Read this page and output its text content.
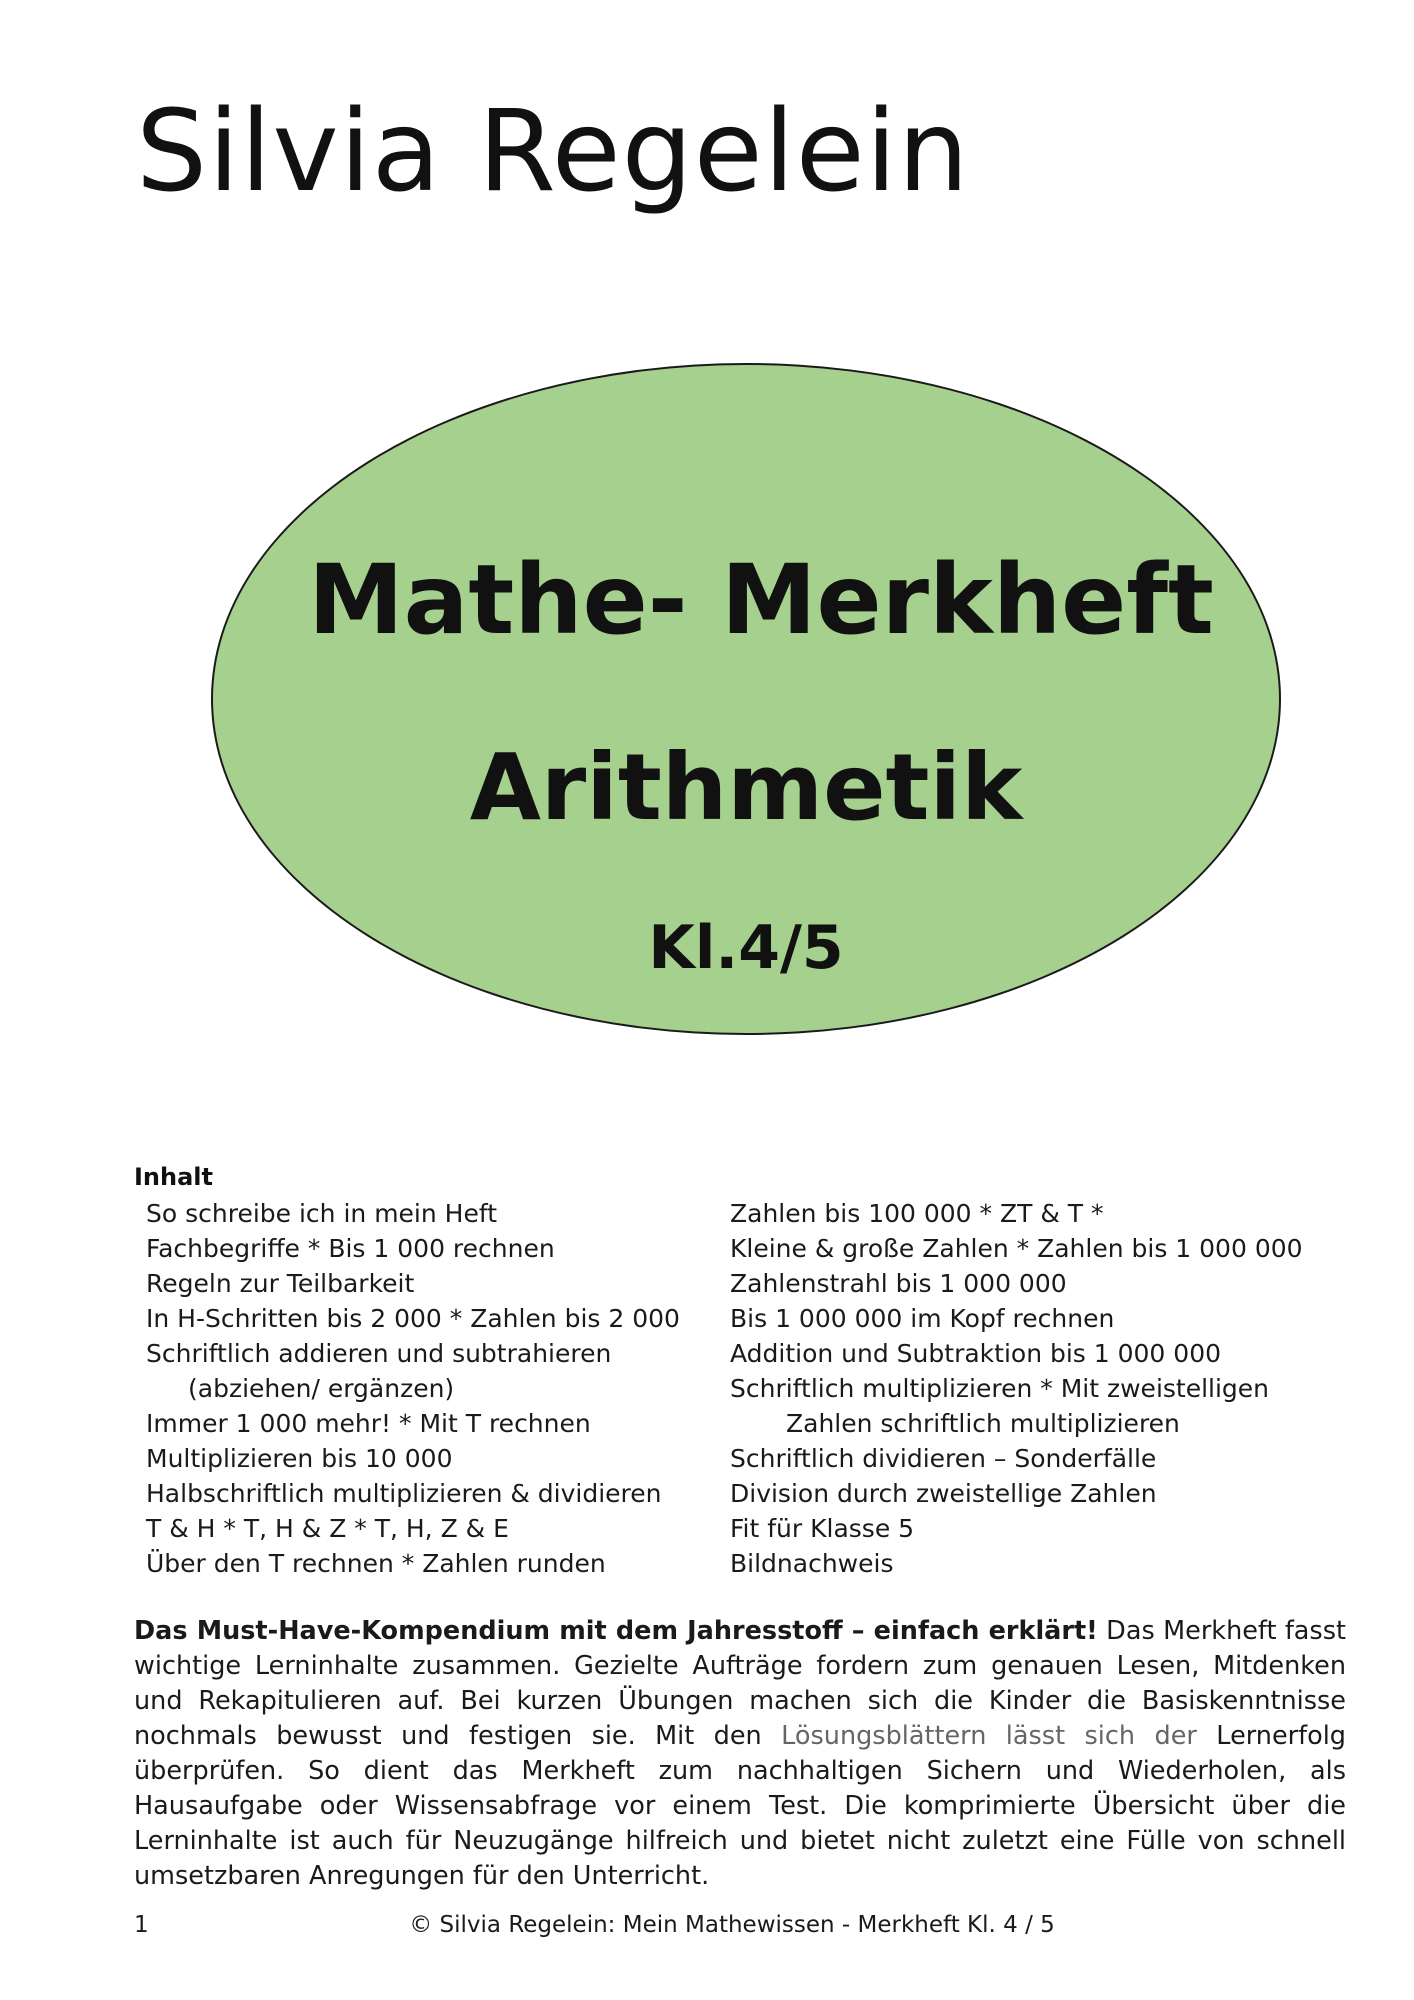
Silvia Regelein
Mathe- Merkheft
Arithmetik
Kl.4/5
Inhalt
So schreibe ich in mein Heft
Fachbegriffe * Bis 1 000 rechnen
Regeln zur Teilbarkeit
In H-Schritten bis 2 000 * Zahlen bis 2 000
Schriftlich addieren und subtrahieren
(abziehen/ ergänzen)
Immer 1 000 mehr! * Mit T rechnen
Multiplizieren bis 10 000
Halbschriftlich multiplizieren & dividieren
T & H * T, H & Z * T, H, Z & E
Über den T rechnen * Zahlen runden
Zahlen bis 100 000 * ZT & T *
Kleine & große Zahlen * Zahlen bis 1 000 000
Zahlenstrahl bis 1 000 000
Bis 1 000 000 im Kopf rechnen
Addition und Subtraktion bis 1 000 000
Schriftlich multiplizieren * Mit zweistelligen
Zahlen schriftlich multiplizieren
Schriftlich dividieren – Sonderfälle
Division durch zweistellige Zahlen
Fit für Klasse 5
Bildnachweis

Das Must-Have-Kompendium mit dem Jahresstoff – einfach erklärt! Das Merkheft fasst wichtige Lerninhalte zusammen. Gezielte Aufträge fordern zum genauen Lesen, Mitdenken und Rekapitulieren auf. Bei kurzen Übungen machen sich die Kinder die Basiskenntnisse nochmals bewusst und festigen sie. Mit den Lösungsblättern lässt sich der Lernerfolg überprüfen. So dient das Merkheft zum nachhaltigen Sichern und Wiederholen, als Hausaufgabe oder Wissensabfrage vor einem Test. Die komprimierte Übersicht über die Lerninhalte ist auch für Neuzugänge hilfreich und bietet nicht zuletzt eine Fülle von schnell umsetzbaren Anregungen für den Unterricht.

1	© Silvia Regelein: Mein Mathewissen - Merkheft Kl. 4 / 5
